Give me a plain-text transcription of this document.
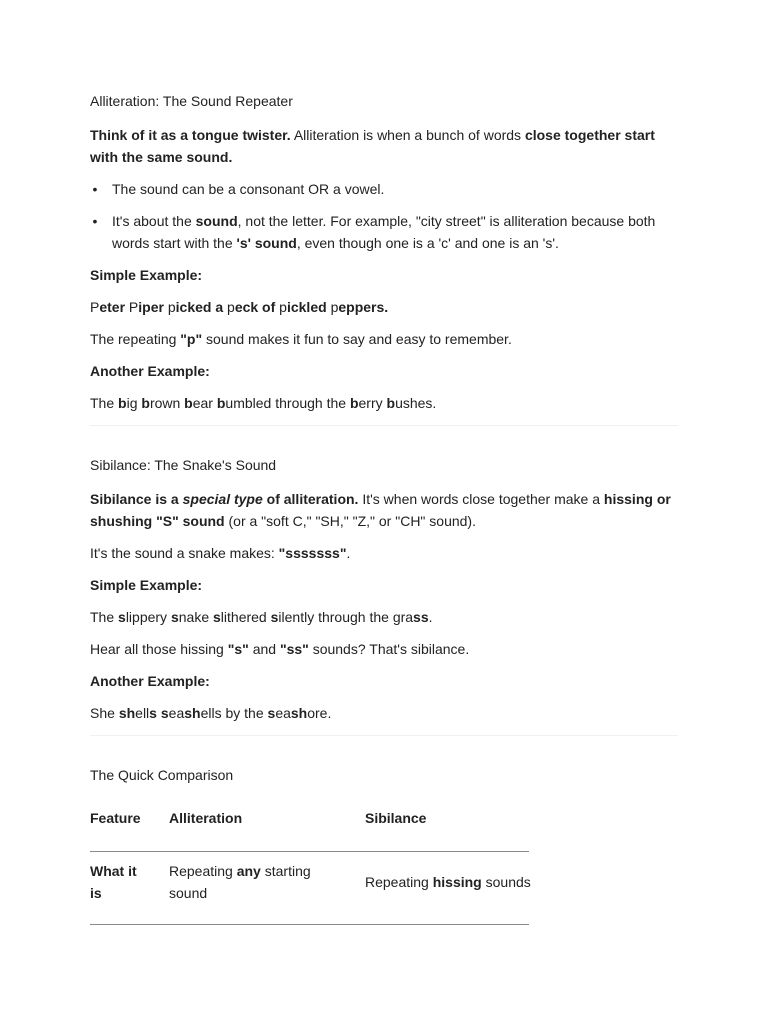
Alliteration: The Sound Repeater
Think of it as a tongue twister. Alliteration is when a bunch of words close together start with the same sound.
• The sound can be a consonant OR a vowel.
• It's about the sound, not the letter. For example, "city street" is alliteration because both words start with the 's' sound, even though one is a 'c' and one is an 's'.
Simple Example:
Peter Piper picked a peck of pickled peppers.
The repeating "p" sound makes it fun to say and easy to remember.
Another Example:
The big brown bear bumbled through the berry bushes.
Sibilance: The Snake's Sound
Sibilance is a special type of alliteration. It's when words close together make a hissing or shushing "S" sound (or a "soft C," "SH," "Z," or "CH" sound).
It's the sound a snake makes: "sssssss".
Simple Example:
The slippery snake slithered silently through the grass.
Hear all those hissing "s" and "ss" sounds? That's sibilance.
Another Example:
She shells seashells by the seashore.
The Quick Comparison
Feature Alliteration	Sibilance
What it is
Repeating any starting sound
Repeating hissing sounds
